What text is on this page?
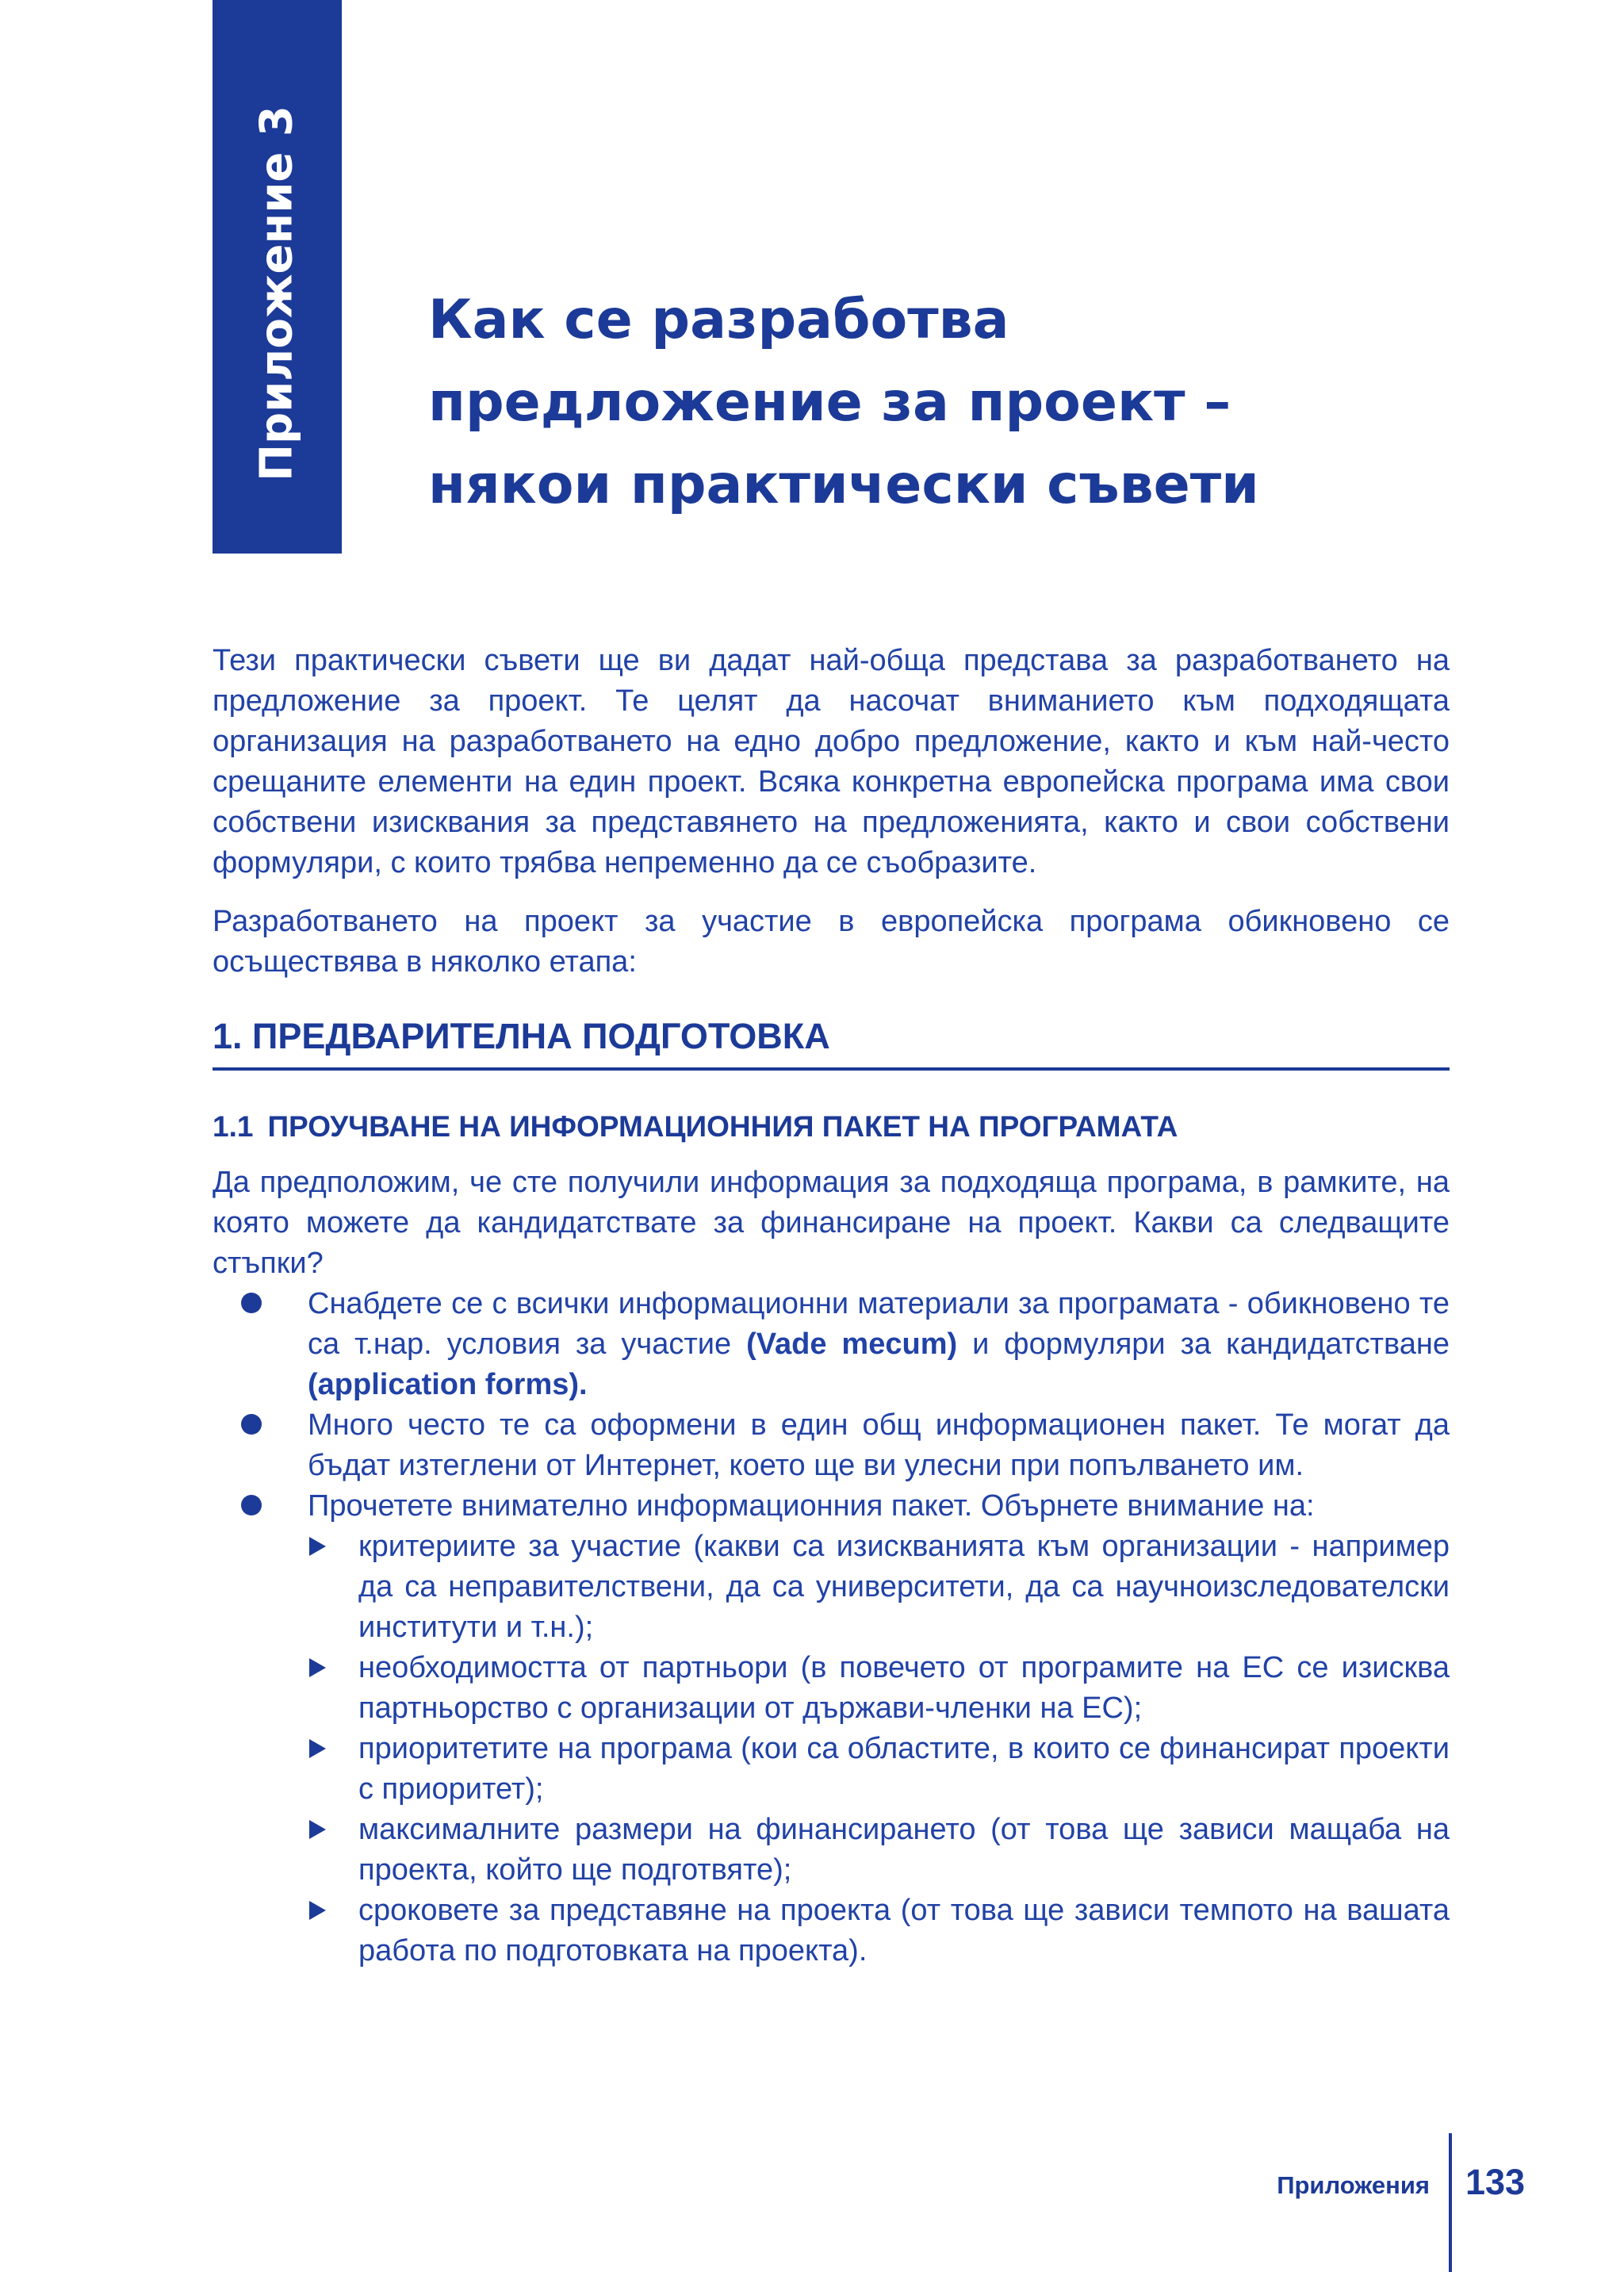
Приложение 3 Как се разработва
предложение за проект –
някои практически съвети

Тези практически съвети ще ви дадат най-обща представа за разработването на предложение за проект. Те целят да насочат вниманието към подходящата организация на разработването на едно добро предложение, както и към най-често срещаните елементи на един проект. Всяка конкретна европейска програма има свои собствени изисквания за представянето на предложенията, както и свои собствени формуляри, с които трябва непременно да се съобразите.

Разработването на проект за участие в европейска програма обикновено се осъществява в няколко етапа:

1. ПРЕДВАРИТЕЛНА ПОДГОТОВКА
1.1 ПРОУЧВАНЕ НА ИНФОРМАЦИОННИЯ ПАКЕТ НА ПРОГРАМАТА

Да предположим, че сте получили информация за подходяща програма, в рамките, на която можете да кандидатствате за финансиране на проект. Какви са следващите стъпки?

Снабдете се с всички информационни материали за програмата - обикновено те са т.нар. условия за участие (Vade mecum) и формуляри за кандидатстване (application forms).
Много често те са оформени в един общ информационен пакет. Те могат да бъдат изтеглени от Интернет, което ще ви улесни при попълването им.
Прочетете внимателно информационния пакет. Обърнете внимание на:
критериите за участие (какви са изискванията към организации - например да са неправителствени, да са университети, да са научноизследователски институти и т.н.);
необходимостта от партньори (в повечето от програмите на ЕС се изисква партньорство с организации от държави-членки на ЕС);
приоритетите на програма (кои са областите, в които се финансират проекти с приоритет);
максималните размери на финансирането (от това ще зависи мащаба на проекта, който ще подготвяте);
сроковете за представяне на проекта (от това ще зависи темпото на вашата работа по подготовката на проекта).
Приложения 133
